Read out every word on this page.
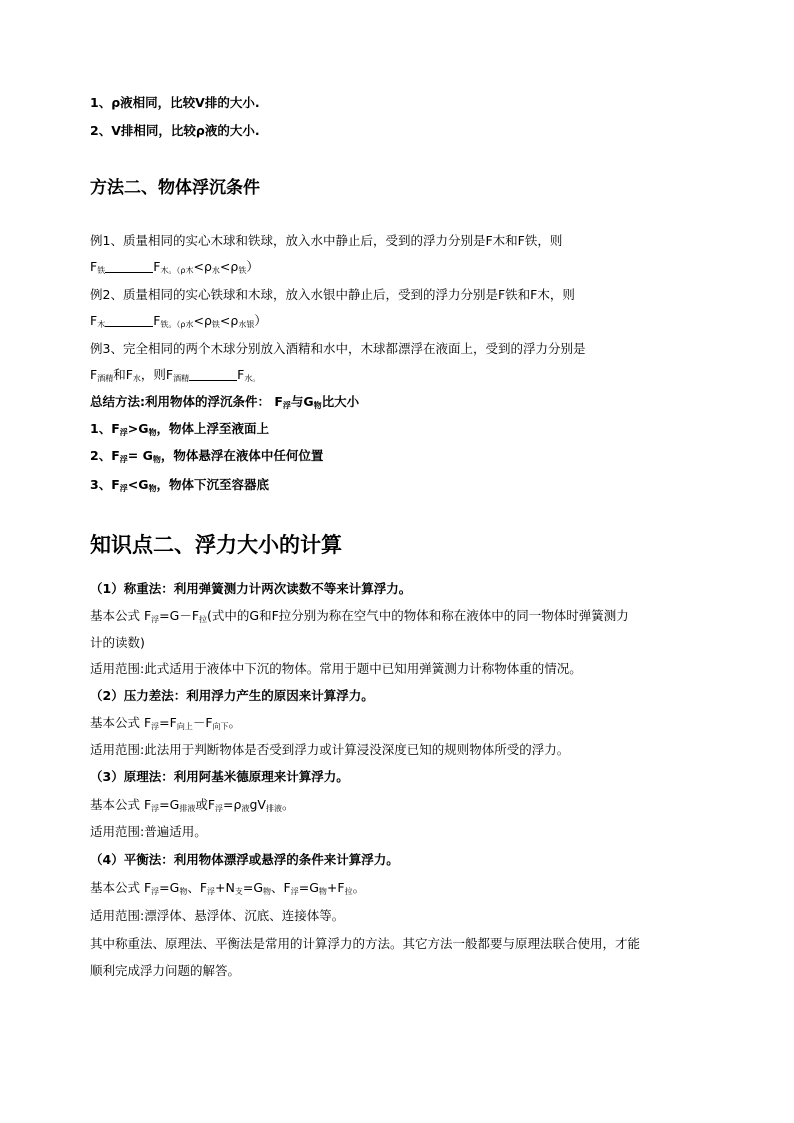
1、ρ液相同，比较V排的大小.
2、V排相同，比较ρ液的大小.
方法二、物体浮沉条件
例1、质量相同的实心木球和铁球，放入水中静止后，受到的浮力分别是F木和F铁，则
$F_铁$	$F_{木。(\rho 木}<\rho_水<\rho_铁$）
例2、质量相同的实心铁球和木球，放入水银中静止后，受到的浮力分别是F铁和F木，则
$F_木$	$F_{铁。(\rho 水}<\rho_铁<\rho_{水银}$）
例3、完全相同的两个木球分别放入酒精和水中，木球都漂浮在液面上，受到的浮力分别是
$F_{酒精}$和$F_水$，则$F_{酒精}$	$F_{水。}$
总结方法:利用物体的浮沉条件： $F_浮$与$G_物$比大小
1、$F_浮>G_物$，物体上浮至液面上
2、$F_浮= G_物$，物体悬浮在液体中任何位置
3、$F_浮<G_物$，物体下沉至容器底
知识点二、浮力大小的计算
（1）称重法：利用弹簧测力计两次读数不等来计算浮力。
基本公式 $F_浮=G-F_拉$(式中的G和F拉分别为称在空气中的物体和称在液体中的同一物体时弹簧测力
计的读数)
适用范围:此式适用于液体中下沉的物体。常用于题中已知用弹簧测力计称物体重的情况。
（2）压力差法：利用浮力产生的原因来计算浮力。
基本公式 $F_浮=F_{向上}-F_{向下}$。
适用范围:此法用于判断物体是否受到浮力或计算浸没深度已知的规则物体所受的浮力。
（3）原理法：利用阿基米德原理来计算浮力。
基本公式 $F_浮=G_{排液}$或$F_浮=\rho_液gV_{排液}$。
适用范围:普遍适用。
（4）平衡法：利用物体漂浮或悬浮的条件来计算浮力。
基本公式 $F_浮=G_物$、$F_浮+N_支=G_物$、$F_浮=G_物+F_拉$。
适用范围:漂浮体、悬浮体、沉底、连接体等。
其中称重法、原理法、平衡法是常用的计算浮力的方法。其它方法一般都要与原理法联合使用，才能
顺利完成浮力问题的解答。
